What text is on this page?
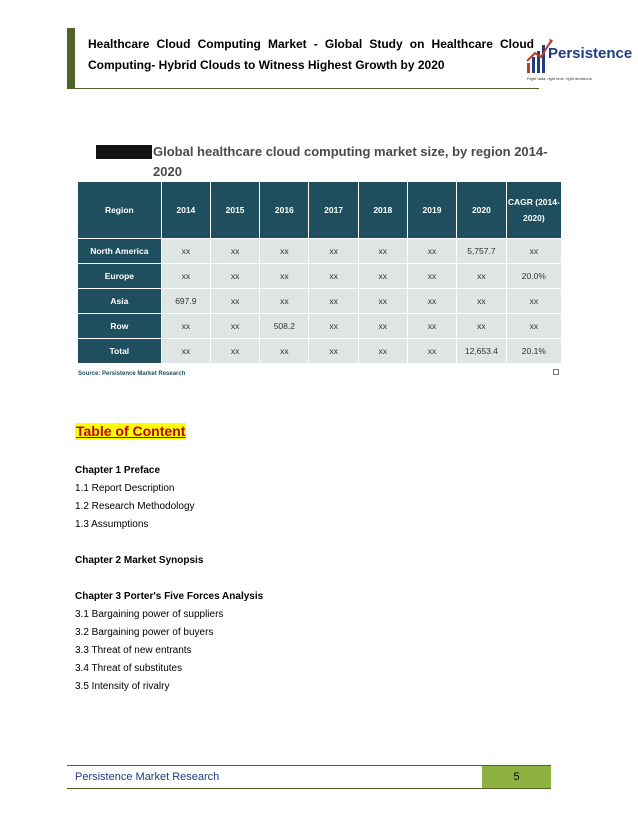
Healthcare Cloud Computing Market - Global Study on Healthcare Cloud Computing- Hybrid Clouds to Witness Highest Growth by 2020
Persistence
Right data, right time, right decisions
Global healthcare cloud computing market size, by region 2014-2020
Region	2014	2015	2016	2017	2018	2019	2020	CAGR (2014-2020)
North America	xx	xx	xx	xx	xx	xx	5,757.7	xx
Europe	xx	xx	xx	xx	xx	xx	xx	20.0%
Asia	697.9	xx	xx	xx	xx	xx	xx	xx
Row	xx	xx	508.2	xx	xx	xx	xx	xx
Total	xx	xx	xx	xx	xx	xx	12,653.4	20.1%
Source: Persistence Market Research
Table of Content
Chapter 1 Preface
1.1 Report Description
1.2 Research Methodology
1.3 Assumptions
Chapter 2 Market Synopsis
Chapter 3 Porter's Five Forces Analysis
3.1 Bargaining power of suppliers
3.2 Bargaining power of buyers
3.3 Threat of new entrants
3.4 Threat of substitutes
3.5 Intensity of rivalry
Persistence Market Research	5
